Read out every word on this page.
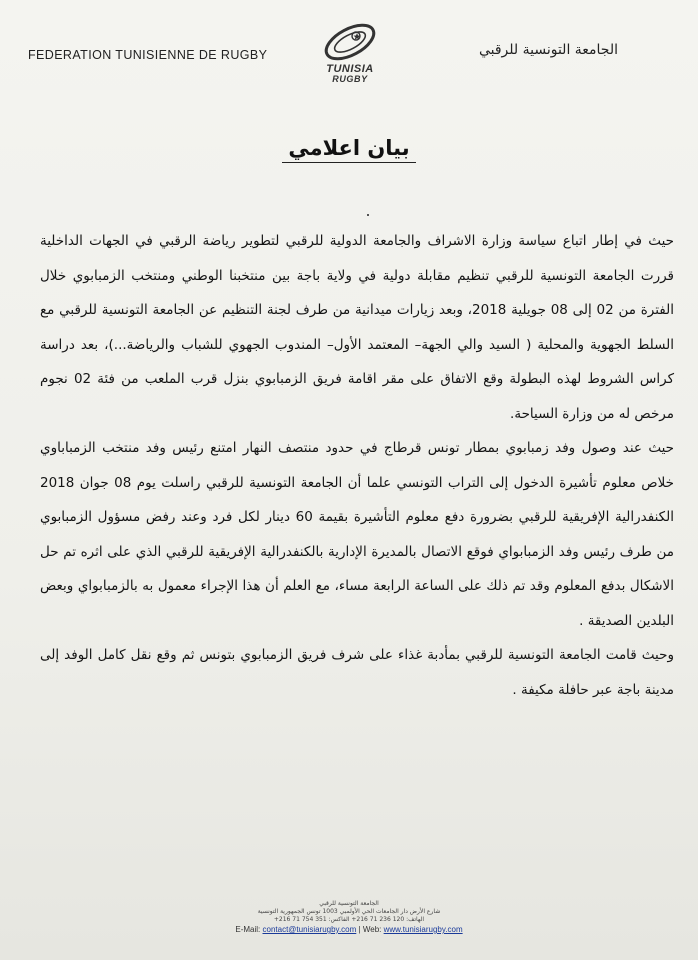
FEDERATION TUNISIENNE DE RUGBY
TUNISIA
RUGBY
الجامعة التونسية للرقبي
بيان اعلامي

حيث في إطار اتباع سياسة وزارة الاشراف والجامعة الدولية للرقبي لتطوير رياضة الرقبي في الجهات الداخلية قررت الجامعة التونسية للرقبي تنظيم مقابلة دولية في ولاية باجة بين منتخبنا الوطني ومنتخب الزمبابوي خلال الفترة من 02 إلى 08 جويلية 2018، وبعد زيارات ميدانية من طرف لجنة التنظيم عن الجامعة التونسية للرقبي مع السلط الجهوية والمحلية ( السيد والي الجهة– المعتمد الأول– المندوب الجهوي للشباب والرياضة...)، بعد دراسة كراس الشروط لهذه البطولة وقع الاتفاق على مقر اقامة فريق الزمبابوي بنزل قرب الملعب من فئة 02 نجوم مرخص له من وزارة السياحة.

حيث عند وصول وفد زمبابوي بمطار تونس قرطاج في حدود منتصف النهار امتنع رئيس وفد منتخب الزمباباوي خلاص معلوم تأشيرة الدخول إلى التراب التونسي علما أن الجامعة التونسية للرقبي راسلت يوم 08 جوان 2018 الكنفدرالية الإفريقية للرقبي بضرورة دفع معلوم التأشيرة بقيمة 60 دينار لكل فرد وعند رفض مسؤول الزمبابوي من طرف رئيس وفد الزمبابواي فوقع الاتصال بالمديرة الإدارية بالكنفدرالية الإفريقية للرقبي الذي على اثره تم حل الاشكال بدفع المعلوم وقد تم ذلك على الساعة الرابعة مساء، مع العلم أن هذا الإجراء معمول به بالزمبابواي وبعض البلدين الصديقة .

وحيث قامت الجامعة التونسية للرقبي بمأدبة غذاء على شرف فريق الزمبابوي بتونس ثم وقع نقل كامل الوفد إلى مدينة باجة عبر حافلة مكيفة .

الجامعة التونسية للرقبي
شارع الأرض دار الجامعات الحي الأولمبي 1003 تونس الجمهورية التونسية
الهاتف: 120 236 71 216+ الفاكس: 351 754 71 216+
E-Mail: contact@tunisiarugby.com | Web: www.tunisiarugby.com
